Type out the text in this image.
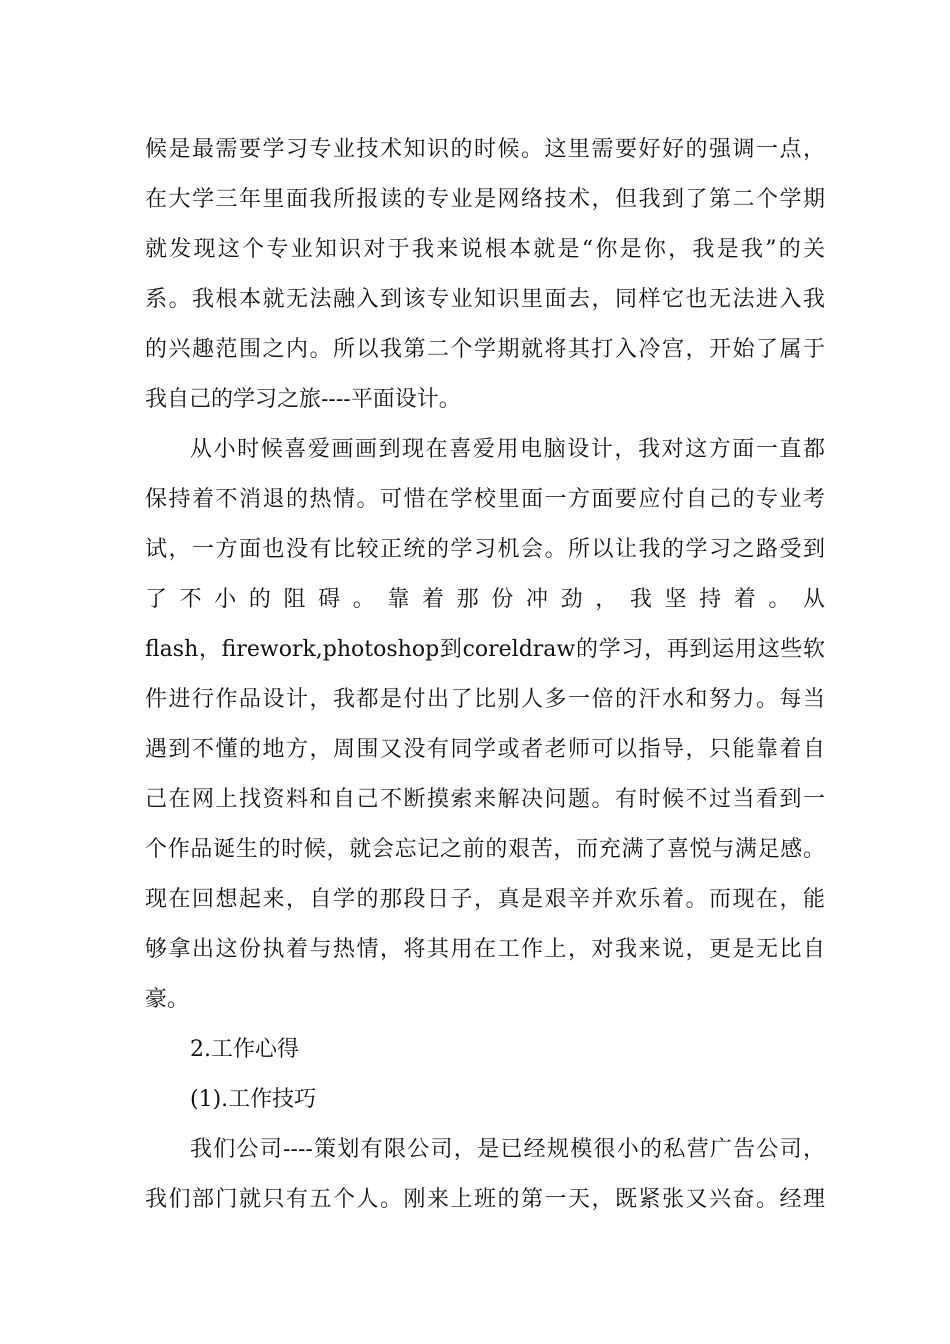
候是最需要学习专业技术知识的时候。这里需要好好的强调一点，
在大学三年里面我所报读的专业是网络技术，但我到了第二个学期
就发现这个专业知识对于我来说根本就是“你是你，我是我”的关
系。我根本就无法融入到该专业知识里面去，同样它也无法进入我
的兴趣范围之内。所以我第二个学期就将其打入冷宫，开始了属于
我自己的学习之旅----平面设计。
从小时候喜爱画画到现在喜爱用电脑设计，我对这方面一直都
保持着不消退的热情。可惜在学校里面一方面要应付自己的专业考
试，一方面也没有比较正统的学习机会。所以让我的学习之路受到
了不小的阻碍。靠着那份冲劲，我坚持着。从
flash，firework,photoshop到coreldraw的学习，再到运用这些软
件进行作品设计，我都是付出了比别人多一倍的汗水和努力。每当
遇到不懂的地方，周围又没有同学或者老师可以指导，只能靠着自
己在网上找资料和自己不断摸索来解决问题。有时候不过当看到一
个作品诞生的时候，就会忘记之前的艰苦，而充满了喜悦与满足感。
现在回想起来，自学的那段日子，真是艰辛并欢乐着。而现在，能
够拿出这份执着与热情，将其用在工作上，对我来说，更是无比自
豪。
2.工作心得
(1).工作技巧
我们公司----策划有限公司，是已经规模很小的私营广告公司，
我们部门就只有五个人。刚来上班的第一天，既紧张又兴奋。经理
